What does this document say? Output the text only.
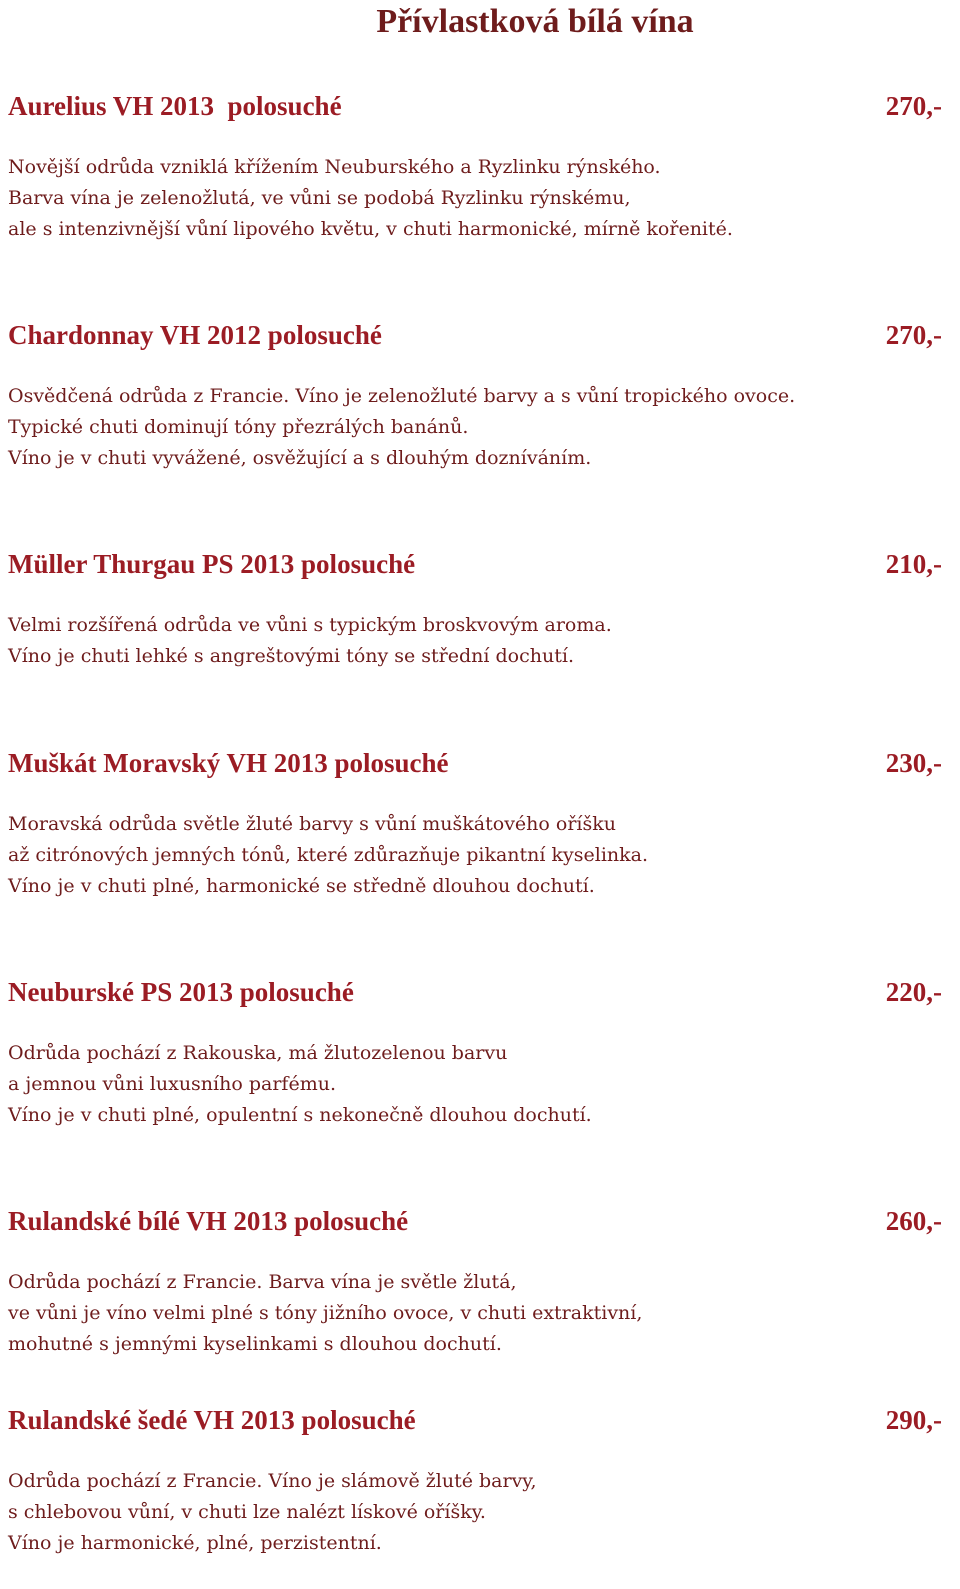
Přívlastková bílá vína
Aurelius VH 2013  polosuché	270,-
Novější odrůda vzniklá křížením Neuburského a Ryzlinku rýnského.
Barva vína je zelenožlutá, ve vůni se podobá Ryzlinku rýnskému,
ale s intenzivnější vůní lipového květu, v chuti harmonické, mírně kořenité.
Chardonnay VH 2012 polosuché	270,-
Osvědčená odrůda z Francie. Víno je zelenožluté barvy a s vůní tropického ovoce.
Typické chuti dominují tóny přezrálých banánů.
Víno je v chuti vyvážené, osvěžující a s dlouhým dozníváním.
Müller Thurgau PS 2013 polosuché	210,-
Velmi rozšířená odrůda ve vůni s typickým broskvovým aroma.
Víno je chuti lehké s angreštovými tóny se střední dochutí.
Muškát Moravský VH 2013 polosuché	230,-
Moravská odrůda světle žluté barvy s vůní muškátového oříšku
až citrónových jemných tónů, které zdůrazňuje pikantní kyselinka.
Víno je v chuti plné, harmonické se středně dlouhou dochutí.
Neuburské PS 2013 polosuché	220,-
Odrůda pochází z Rakouska, má žlutozelenou barvu
a jemnou vůni luxusního parfému.
Víno je v chuti plné, opulentní s nekonečně dlouhou dochutí.
Rulandské bílé VH 2013 polosuché	260,-
Odrůda pochází z Francie. Barva vína je světle žlutá,
ve vůni je víno velmi plné s tóny jižního ovoce, v chuti extraktivní,
mohutné s jemnými kyselinkami s dlouhou dochutí.
Rulandské šedé VH 2013 polosuché	290,-
Odrůda pochází z Francie. Víno je slámově žluté barvy,
s chlebovou vůní, v chuti lze nalézt lískové oříšky.
Víno je harmonické, plné, perzistentní.
